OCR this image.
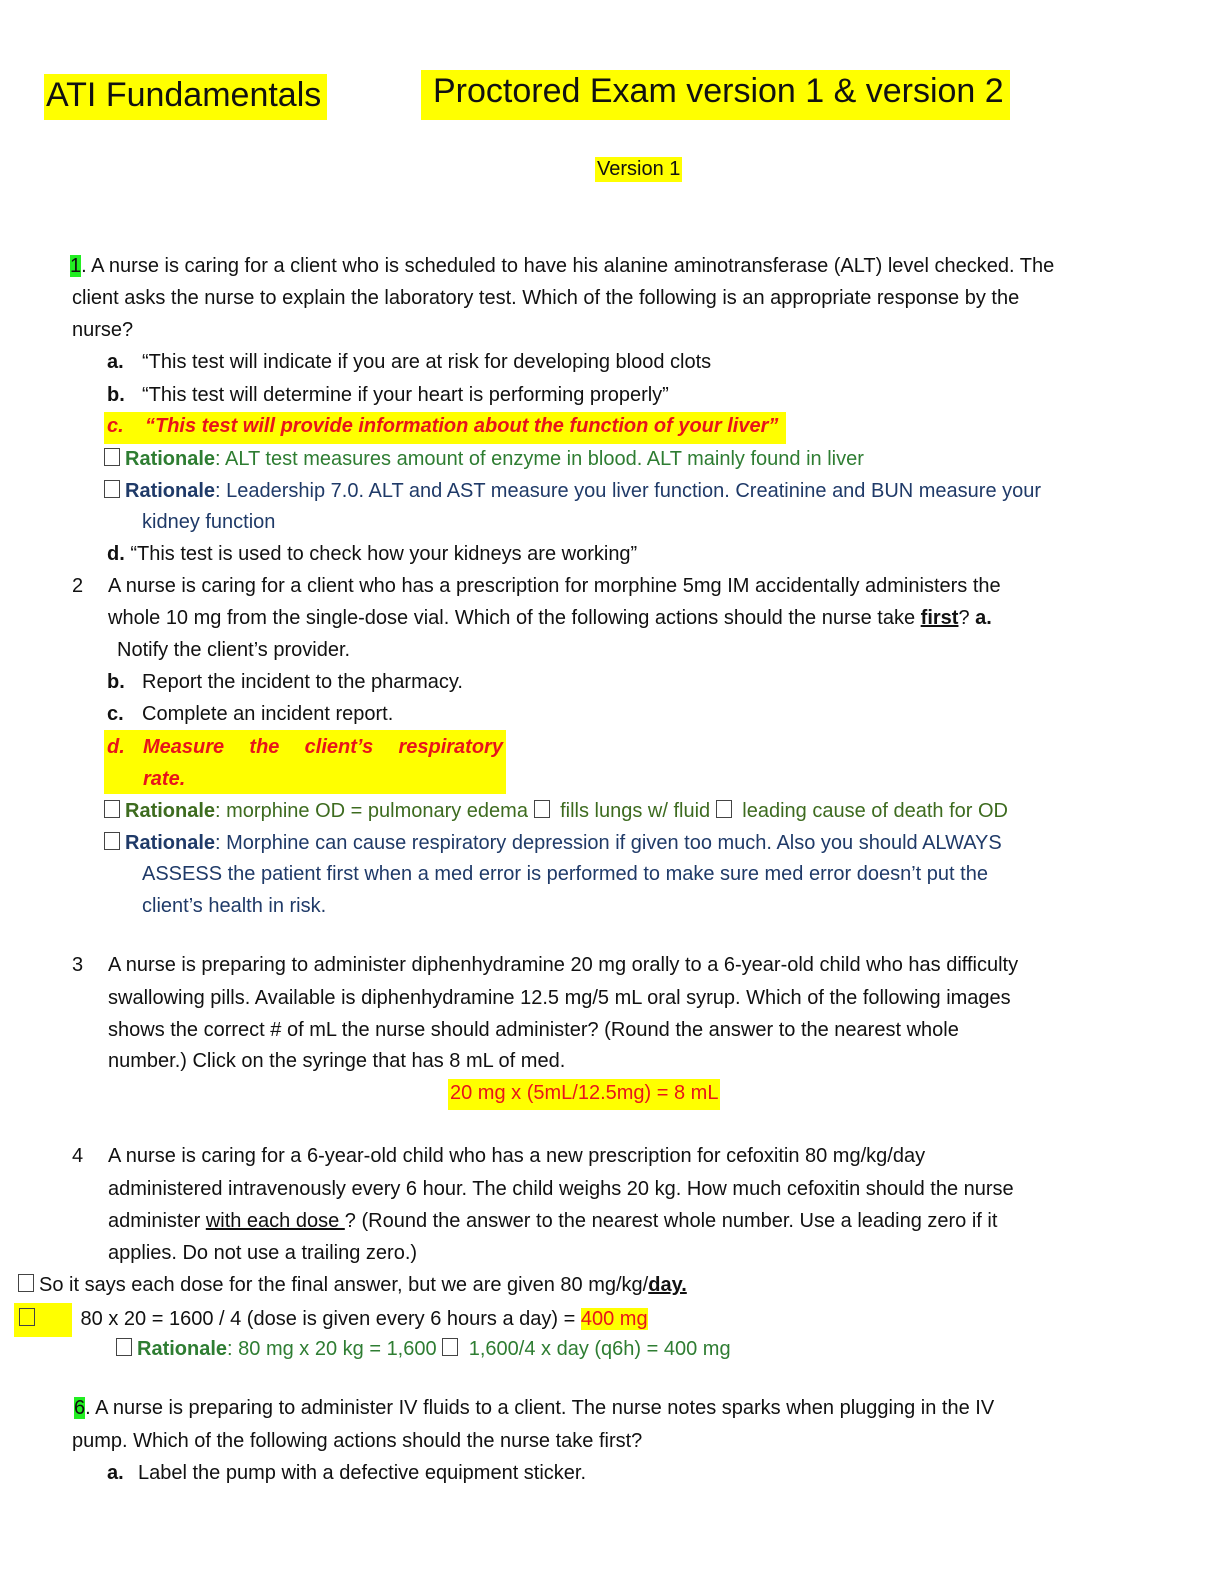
ATI Fundamentals	Proctored Exam version 1 & version 2
Version 1
1. A nurse is caring for a client who is scheduled to have his alanine aminotransferase (ALT) level checked. The
client asks the nurse to explain the laboratory test. Which of the following is an appropriate response by the
nurse?
a. “This test will indicate if you are at risk for developing blood clots
b. “This test will determine if your heart is performing properly”
c. “This test will provide information about the function of your liver”
Rationale: ALT test measures amount of enzyme in blood. ALT mainly found in liver
Rationale: Leadership 7.0. ALT and AST measure you liver function. Creatinine and BUN measure your
kidney function
d. “This test is used to check how your kidneys are working”
2 A nurse is caring for a client who has a prescription for morphine 5mg IM accidentally administers the
whole 10 mg from the single-dose vial. Which of the following actions should the nurse take first? a.
Notify the client’s provider.
b. Report the incident to the pharmacy.
c. Complete an incident report.
d. Measure the client’s respiratory
rate.
Rationale: morphine OD = pulmonary edema  fills lungs w/ fluid  leading cause of death for OD
Rationale: Morphine can cause respiratory depression if given too much. Also you should ALWAYS
ASSESS the patient first when a med error is performed to make sure med error doesn’t put the
client’s health in risk.
3 A nurse is preparing to administer diphenhydramine 20 mg orally to a 6-year-old child who has difficulty
swallowing pills. Available is diphenhydramine 12.5 mg/5 mL oral syrup. Which of the following images
shows the correct # of mL the nurse should administer? (Round the answer to the nearest whole
number.) Click on the syringe that has 8 mL of med.
20 mg x (5mL/12.5mg) = 8 mL
4 A nurse is caring for a 6-year-old child who has a new prescription for cefoxitin 80 mg/kg/day
administered intravenously every 6 hour. The child weighs 20 kg. How much cefoxitin should the nurse
administer with each dose ? (Round the answer to the nearest whole number. Use a leading zero if it
applies. Do not use a trailing zero.)
So it says each dose for the final answer, but we are given 80 mg/kg/day.
80 x 20 = 1600 / 4 (dose is given every 6 hours a day) = 400 mg
Rationale: 80 mg x 20 kg = 1,600  1,600/4 x day (q6h) = 400 mg
6. A nurse is preparing to administer IV fluids to a client. The nurse notes sparks when plugging in the IV
pump. Which of the following actions should the nurse take first?
a. Label the pump with a defective equipment sticker.
